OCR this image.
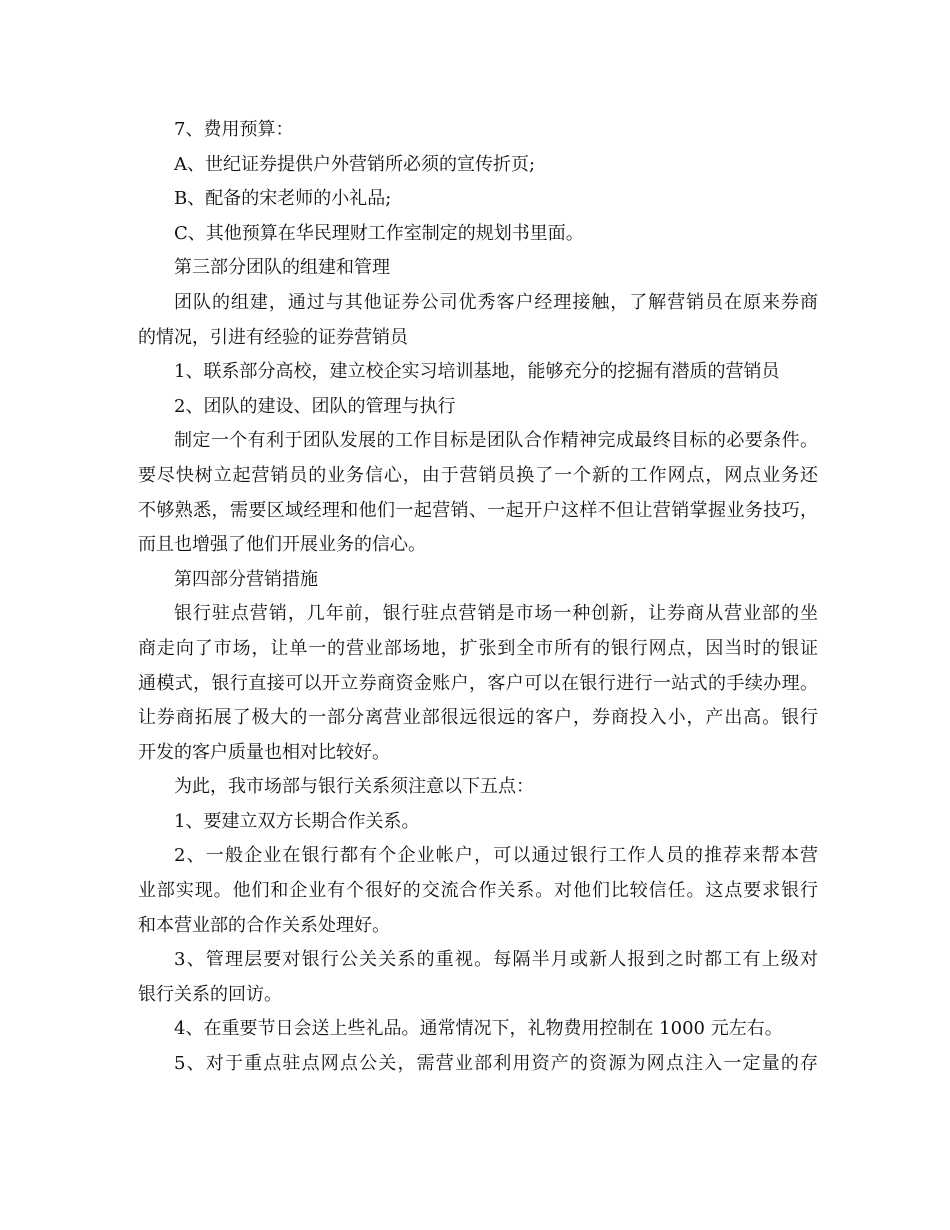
7、费用预算：
A、世纪证券提供户外营销所必须的宣传折页;
B、配备的宋老师的小礼品;
C、其他预算在华民理财工作室制定的规划书里面。
第三部分团队的组建和管理
团队的组建，通过与其他证券公司优秀客户经理接触，了解营销员在原来券商
的情况，引进有经验的证券营销员
1、联系部分高校，建立校企实习培训基地，能够充分的挖掘有潜质的营销员
2、团队的建设、团队的管理与执行
制定一个有利于团队发展的工作目标是团队合作精神完成最终目标的必要条件。
要尽快树立起营销员的业务信心，由于营销员换了一个新的工作网点，网点业务还
不够熟悉，需要区域经理和他们一起营销、一起开户这样不但让营销掌握业务技巧，
而且也增强了他们开展业务的信心。
第四部分营销措施
银行驻点营销，几年前，银行驻点营销是市场一种创新，让券商从营业部的坐
商走向了市场，让单一的营业部场地，扩张到全市所有的银行网点，因当时的银证
通模式，银行直接可以开立券商资金账户，客户可以在银行进行一站式的手续办理。
让券商拓展了极大的一部分离营业部很远很远的客户，券商投入小，产出高。银行
开发的客户质量也相对比较好。
为此，我市场部与银行关系须注意以下五点：
1、要建立双方长期合作关系。
2、一般企业在银行都有个企业帐户，可以通过银行工作人员的推荐来帮本营
业部实现。他们和企业有个很好的交流合作关系。对他们比较信任。这点要求银行
和本营业部的合作关系处理好。
3、管理层要对银行公关关系的重视。每隔半月或新人报到之时都工有上级对
银行关系的回访。
4、在重要节日会送上些礼品。通常情况下，礼物费用控制在 1000 元左右。
5、对于重点驻点网点公关，需营业部利用资产的资源为网点注入一定量的存
